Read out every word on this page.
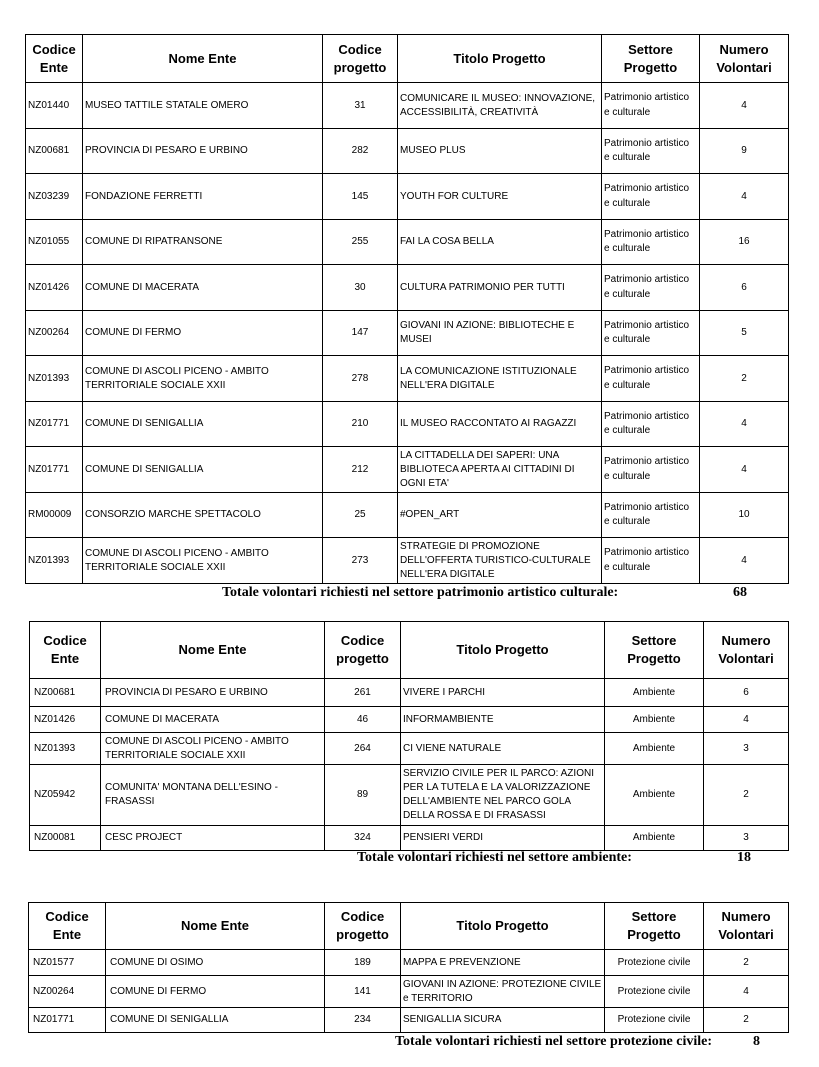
Codice Ente	Nome Ente	Codice progetto	Titolo Progetto	Settore Progetto	Numero Volontari
NZ01440	MUSEO TATTILE STATALE OMERO	31	COMUNICARE IL MUSEO: INNOVAZIONE, ACCESSIBILITÀ, CREATIVITÀ	Patrimonio artistico e culturale	4
NZ00681	PROVINCIA DI PESARO E URBINO	282	MUSEO PLUS	Patrimonio artistico e culturale	9
NZ03239	FONDAZIONE FERRETTI	145	YOUTH FOR CULTURE	Patrimonio artistico e culturale	4
NZ01055	COMUNE DI RIPATRANSONE	255	FAI LA COSA BELLA	Patrimonio artistico e culturale	16
NZ01426	COMUNE DI MACERATA	30	CULTURA PATRIMONIO PER TUTTI	Patrimonio artistico e culturale	6
NZ00264	COMUNE DI FERMO	147	GIOVANI IN AZIONE: BIBLIOTECHE E MUSEI	Patrimonio artistico e culturale	5
NZ01393	COMUNE DI ASCOLI PICENO - AMBITO TERRITORIALE SOCIALE XXII	278	LA COMUNICAZIONE ISTITUZIONALE NELL'ERA DIGITALE	Patrimonio artistico e culturale	2
NZ01771	COMUNE DI SENIGALLIA	210	IL MUSEO RACCONTATO AI RAGAZZI	Patrimonio artistico e culturale	4
NZ01771	COMUNE DI SENIGALLIA	212	LA CITTADELLA DEI SAPERI: UNA BIBLIOTECA APERTA AI CITTADINI DI OGNI ETA'	Patrimonio artistico e culturale	4
RM00009	CONSORZIO MARCHE SPETTACOLO	25	#OPEN_ART	Patrimonio artistico e culturale	10
NZ01393	COMUNE DI ASCOLI PICENO - AMBITO TERRITORIALE SOCIALE XXII	273	STRATEGIE DI PROMOZIONE DELL'OFFERTA TURISTICO-CULTURALE NELL'ERA DIGITALE	Patrimonio artistico e culturale	4
Totale volontari richiesti nel settore patrimonio artistico culturale:	68
Codice Ente	Nome Ente	Codice progetto	Titolo Progetto	Settore Progetto	Numero Volontari
NZ00681	PROVINCIA DI PESARO E URBINO	261	VIVERE I PARCHI	Ambiente	6
NZ01426	COMUNE DI MACERATA	46	INFORMAMBIENTE	Ambiente	4
NZ01393	COMUNE DI ASCOLI PICENO - AMBITO TERRITORIALE SOCIALE XXII	264	CI VIENE NATURALE	Ambiente	3
NZ05942	COMUNITA' MONTANA DELL'ESINO - FRASASSI	89	SERVIZIO CIVILE PER IL PARCO: AZIONI PER LA TUTELA E LA VALORIZZAZIONE DELL'AMBIENTE NEL PARCO GOLA DELLA ROSSA E DI FRASASSI	Ambiente	2
NZ00081	CESC PROJECT	324	PENSIERI VERDI	Ambiente	3
Totale volontari richiesti nel settore ambiente:	18
Codice Ente	Nome Ente	Codice progetto	Titolo Progetto	Settore Progetto	Numero Volontari
NZ01577	COMUNE DI OSIMO	189	MAPPA E PREVENZIONE	Protezione civile	2
NZ00264	COMUNE DI FERMO	141	GIOVANI IN AZIONE: PROTEZIONE CIVILE e TERRITORIO	Protezione civile	4
NZ01771	COMUNE DI SENIGALLIA	234	SENIGALLIA SICURA	Protezione civile	2
Totale volontari richiesti nel settore protezione civile:	8
